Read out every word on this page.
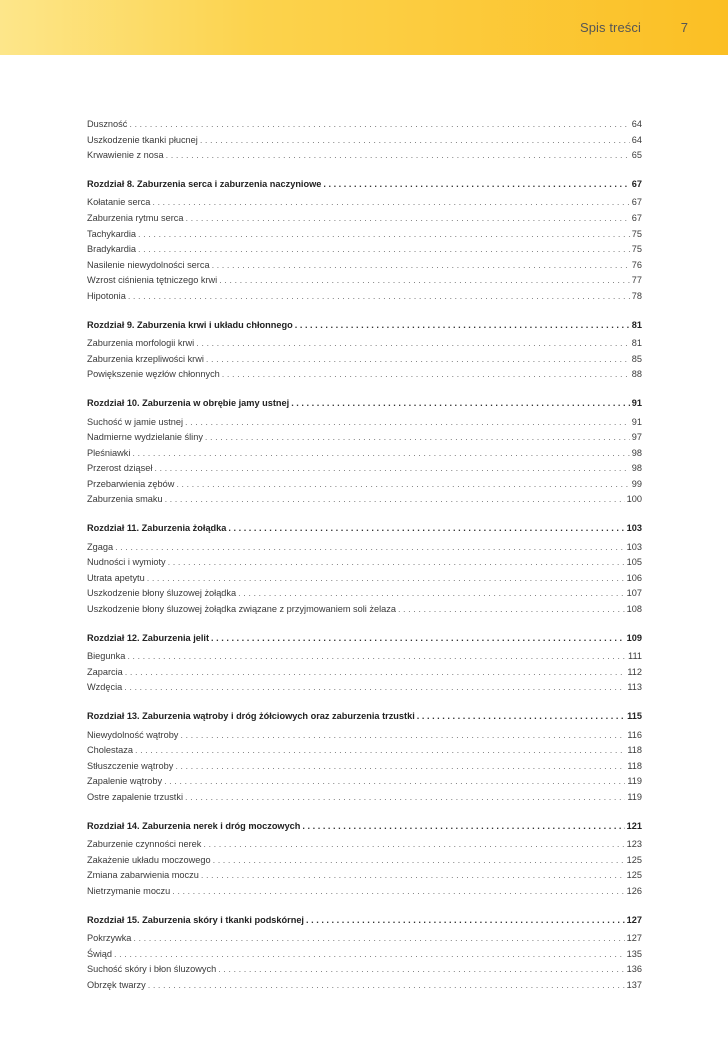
Spis treści	7
Duszność . . .	64
Uszkodzenie tkanki płucnej . . .	64
Krwawienie z nosa . . .	65
Rozdział 8. Zaburzenia serca i zaburzenia naczyniowe . . .	67
Kołatanie serca . . .	67
Zaburzenia rytmu serca . . .	67
Tachykardia . . .	75
Bradykardia . . .	75
Nasilenie niewydolności serca . . .	76
Wzrost ciśnienia tętniczego krwi . . .	77
Hipotonia . . .	78
Rozdział 9. Zaburzenia krwi i układu chłonnego . . .	81
Zaburzenia morfologii krwi . . .	81
Zaburzenia krzepliwości krwi . . .	85
Powiększenie węzłów chłonnych . . .	88
Rozdział 10. Zaburzenia w obrębie jamy ustnej . . .	91
Suchość w jamie ustnej . . .	91
Nadmierne wydzielanie śliny . . .	97
Pleśniawki . . .	98
Przerost dziąseł . . .	98
Przebarwienia zębów . . .	99
Zaburzenia smaku . . .	100
Rozdział 11. Zaburzenia żołądka . . .	103
Zgaga . . .	103
Nudności i wymioty . . .	105
Utrata apetytu . . .	106
Uszkodzenie błony śluzowej żołądka . . .	107
Uszkodzenie błony śluzowej żołądka związane z przyjmowaniem soli żelaza . . .	108
Rozdział 12. Zaburzenia jelit . . .	109
Biegunka . . .	111
Zaparcia . . .	112
Wzdęcia . . .	113
Rozdział 13. Zaburzenia wątroby i dróg żółciowych oraz zaburzenia trzustki . . .	115
Niewydolność wątroby . . .	116
Cholestaza . . .	118
Stłuszczenie wątroby . . .	118
Zapalenie wątroby . . .	119
Ostre zapalenie trzustki . . .	119
Rozdział 14. Zaburzenia nerek i dróg moczowych . . .	121
Zaburzenie czynności nerek . . .	123
Zakażenie układu moczowego . . .	125
Zmiana zabarwienia moczu . . .	125
Nietrzymanie moczu . . .	126
Rozdział 15. Zaburzenia skóry i tkanki podskórnej . . .	127
Pokrzywka . . .	127
Świąd . . .	135
Suchość skóry i błon śluzowych . . .	136
Obrzęk twarzy . . .	137
